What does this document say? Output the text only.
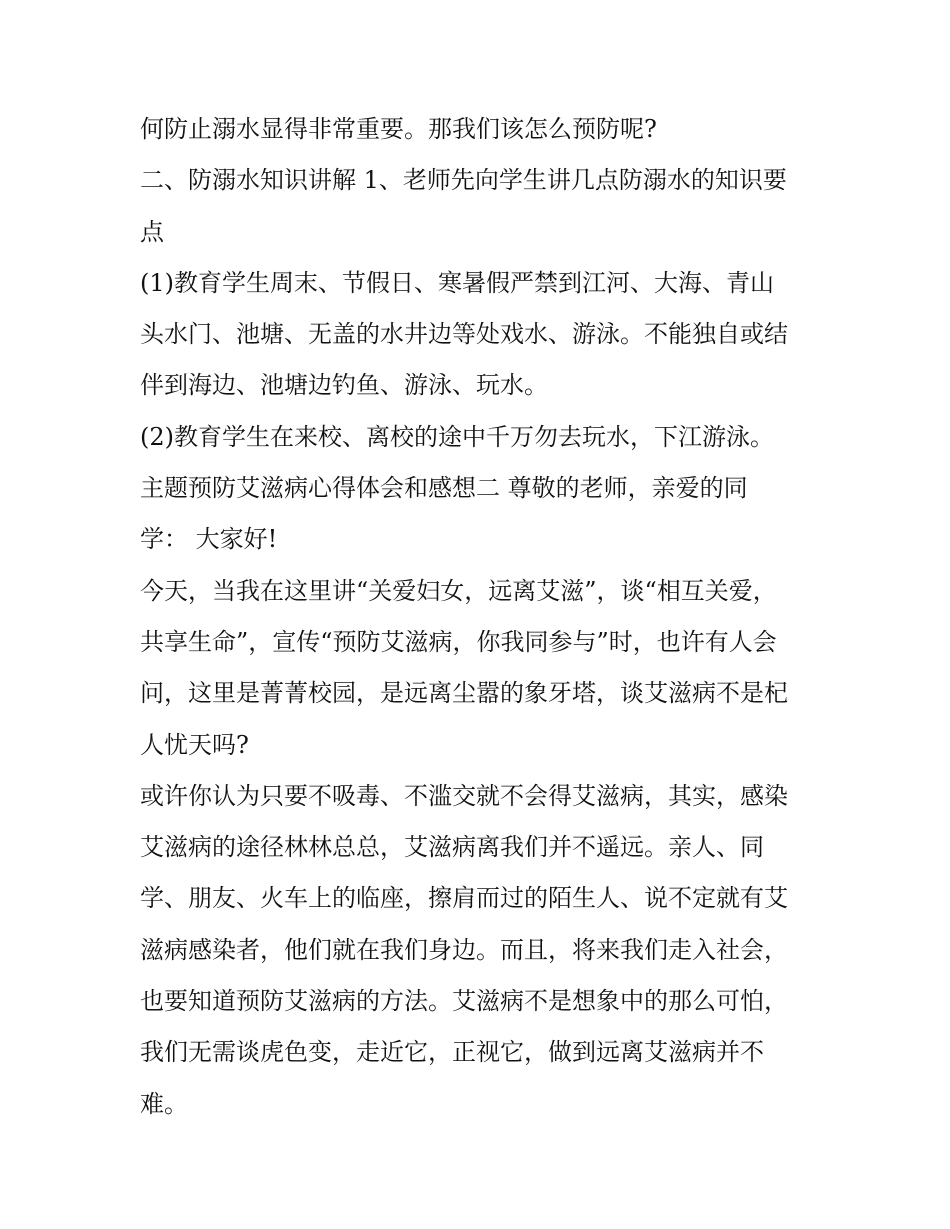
何防止溺水显得非常重要。那我们该怎么预防呢?
二、防溺水知识讲解 1、老师先向学生讲几点防溺水的知识要
点
(1)教育学生周末、节假日、寒暑假严禁到江河、大海、青山
头水门、池塘、无盖的水井边等处戏水、游泳。不能独自或结
伴到海边、池塘边钓鱼、游泳、玩水。
(2)教育学生在来校、离校的途中千万勿去玩水，下江游泳。
主题预防艾滋病心得体会和感想二 尊敬的老师，亲爱的同
学： 大家好!
今天，当我在这里讲“关爱妇女，远离艾滋”，谈“相互关爱，
共享生命”，宣传“预防艾滋病，你我同参与”时，也许有人会
问，这里是菁菁校园，是远离尘嚣的象牙塔，谈艾滋病不是杞
人忧天吗?
或许你认为只要不吸毒、不滥交就不会得艾滋病，其实，感染
艾滋病的途径林林总总，艾滋病离我们并不遥远。亲人、同
学、朋友、火车上的临座，擦肩而过的陌生人、说不定就有艾
滋病感染者，他们就在我们身边。而且，将来我们走入社会，
也要知道预防艾滋病的方法。艾滋病不是想象中的那么可怕，
我们无需谈虎色变，走近它，正视它，做到远离艾滋病并不
难。
